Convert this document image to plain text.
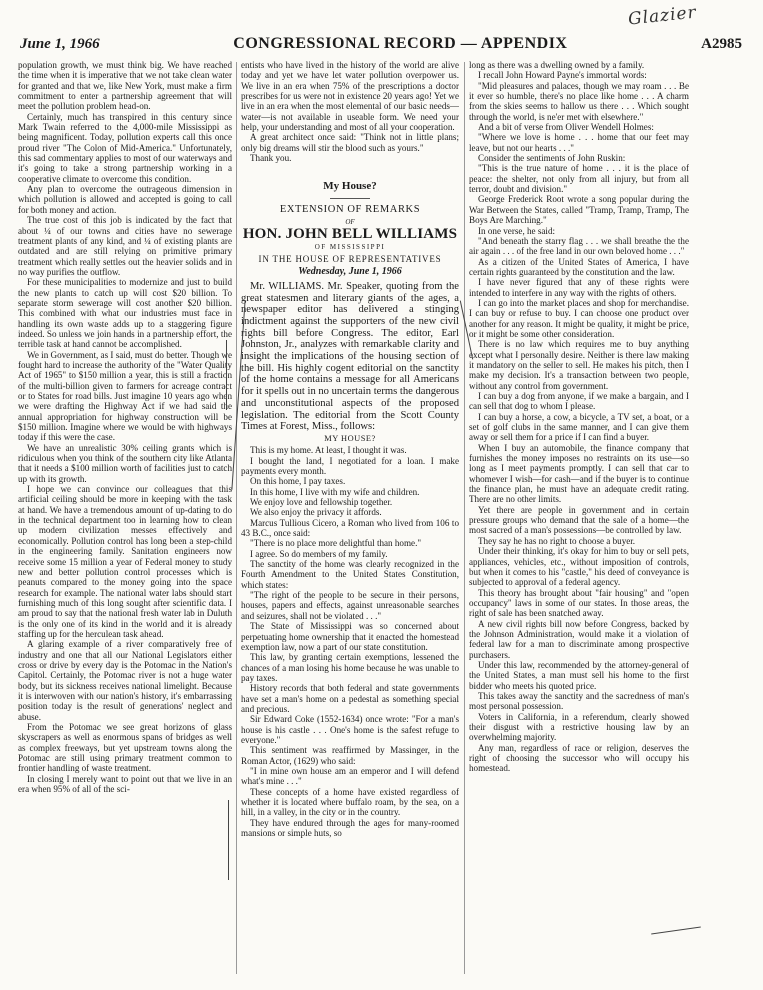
Glazier
June 1, 1966	CONGRESSIONAL RECORD — APPENDIX	A2985

population growth, we must think big. We have reached the time when it is imperative that we not take clean water for granted and that we, like New York, must make a firm commitment to enter a partnership agreement that will meet the pollution problem head-on.

Certainly, much has transpired in this century since Mark Twain referred to the 4,000-mile Mississippi as being magnificent. Today, pollution experts call this once proud river "The Colon of Mid-America." Unfortunately, this sad commentary applies to most of our waterways and it's going to take a strong partnership working in a cooperative climate to overcome this condition.

Any plan to overcome the outrageous dimension in which pollution is allowed and accepted is going to call for both money and action.

The true cost of this job is indicated by the fact that about ¼ of our towns and cities have no sewerage treatment plants of any kind, and ¼ of existing plants are outdated and are still relying on primitive primary treatment which really settles out the heavier solids and in no way purifies the outflow.

For these municipalities to modernize and just to build the new plants to catch up will cost $20 billion. To separate storm sewerage will cost another $20 billion. This combined with what our industries must face in handling its own waste adds up to a staggering figure indeed. So unless we join hands in a partnership effort, the terrible task at hand cannot be accomplished.

We in Government, as I said, must do better. Though we fought hard to increase the authority of the "Water Quality Act of 1965" to $150 million a year, this is still a fraction of the multi-billion given to farmers for acreage contract or to States for road bills. Just imagine 10 years ago when we were drafting the Highway Act if we had said the annual appropriation for highway construction will be $150 million. Imagine where we would be with highways today if this were the case.

We have an unrealistic 30% ceiling grants which is ridiculous when you think of the southern city like Atlanta that it needs a $100 million worth of facilities just to catch up with its growth.

I hope we can convince our colleagues that this artificial ceiling should be more in keeping with the task at hand. We have a tremendous amount of up-dating to do in the technical department too in learning how to clean up modern civilization messes effectively and economically. Pollution control has long been a step-child in the engineering family. Sanitation engineers now receive some 15 million a year of Federal money to study new and better pollution control processes which is peanuts compared to the money going into the space research for example. The national water labs should start furnishing much of this long sought after scientific data. I am proud to say that the national fresh water lab in Duluth is the only one of its kind in the world and it is already staffing up for the herculean task ahead.

A glaring example of a river comparatively free of industry and one that all our National Legislators either cross or drive by every day is the Potomac in the Nation's Capitol. Certainly, the Potomac river is not a huge water body, but its sickness receives national limelight. Because it is interwoven with our nation's history, it's embarrassing position today is the result of generations' neglect and abuse.

From the Potomac we see great horizons of glass skyscrapers as well as enormous spans of bridges as well as complex freeways, but yet upstream towns along the Potomac are still using primary treatment common to frontier handling of waste treatment.

In closing I merely want to point out that we live in an era when 95% of all of the sci-

entists who have lived in the history of the world are alive today and yet we have let water pollution overpower us. We live in an era when 75% of the prescriptions a doctor prescribes for us were not in existence 20 years ago! Yet we live in an era when the most elemental of our basic needs—water—is not available in useable form. We need your help, your understanding and most of all your cooperation.

A great architect once said: "Think not in little plans; only big dreams will stir the blood such as yours."

Thank you.

My House?
EXTENSION OF REMARKS
OF
HON. JOHN BELL WILLIAMS
OF MISSISSIPPI
IN THE HOUSE OF REPRESENTATIVES
Wednesday, June 1, 1966

Mr. WILLIAMS. Mr. Speaker, quoting from the great statesmen and literary giants of the ages, a newspaper editor has delivered a stinging indictment against the supporters of the new civil rights bill before Congress. The editor, Earl Johnston, Jr., analyzes with remarkable clarity and insight the implications of the housing section of the bill. His highly cogent editorial on the sanctity of the home contains a message for all Americans for it spells out in no uncertain terms the dangerous and unconstitutional aspects of the proposed legislation. The editorial from the Scott County Times at Forest, Miss., follows:

MY HOUSE?

This is my home. At least, I thought it was.

I bought the land, I negotiated for a loan. I make payments every month.

On this home, I pay taxes.

In this home, I live with my wife and children.

We enjoy love and fellowship together.

We also enjoy the privacy it affords.

Marcus Tullious Cicero, a Roman who lived from 106 to 43 B.C., once said:

"There is no place more delightful than home."

I agree. So do members of my family.

The sanctity of the home was clearly recognized in the Fourth Amendment to the United States Constitution, which states:

"The right of the people to be secure in their persons, houses, papers and effects, against unreasonable searches and seizures, shall not be violated . . ."

The State of Mississippi was so concerned about perpetuating home ownership that it enacted the homestead exemption law, now a part of our state constitution.

This law, by granting certain exemptions, lessened the chances of a man losing his home because he was unable to pay taxes.

History records that both federal and state governments have set a man's home on a pedestal as something special and precious.

Sir Edward Coke (1552-1634) once wrote: "For a man's house is his castle . . . One's home is the safest refuge to everyone."

This sentiment was reaffirmed by Massinger, in the Roman Actor, (1629) who said:

"I in mine own house am an emperor and I will defend what's mine . . ."

These concepts of a home have existed regardless of whether it is located where buffalo roam, by the sea, on a hill, in a valley, in the city or in the country.

They have endured through the ages for many-roomed mansions or simple huts, so

long as there was a dwelling owned by a family.

I recall John Howard Payne's immortal words:

"Mid pleasures and palaces, though we may roam . . . Be it ever so humble, there's no place like home . . . A charm from the skies seems to hallow us there . . . Which sought through the world, is ne'er met with elsewhere."

And a bit of verse from Oliver Wendell Holmes:

"Where we love is home . . . home that our feet may leave, but not our hearts . . ."

Consider the sentiments of John Ruskin:

"This is the true nature of home . . . it is the place of peace: the shelter, not only from all injury, but from all terror, doubt and division."

George Frederick Root wrote a song popular during the War Between the States, called "Tramp, Tramp, Tramp, The Boys Are Marching."

In one verse, he said:

"And beneath the starry flag . . . we shall breathe the the air again . . . of the free land in our own beloved home . . ."

As a citizen of the United States of America, I have certain rights guaranteed by the constitution and the law.

I have never figured that any of these rights were intended to interfere in any way with the rights of others.

I can go into the market places and shop for merchandise. I can buy or refuse to buy. I can choose one product over another for any reason. It might be quality, it might be price, or it might be some other consideration.

There is no law which requires me to buy anything except what I personally desire. Neither is there law making it mandatory on the seller to sell. He makes his pitch, then I make my decision. It's a transaction between two people, without any control from government.

I can buy a dog from anyone, if we make a bargain, and I can sell that dog to whom I please.

I can buy a horse, a cow, a bicycle, a TV set, a boat, or a set of golf clubs in the same manner, and I can give them away or sell them for a price if I can find a buyer.

When I buy an automobile, the finance company that furnishes the money imposes no restraints on its use—so long as I meet payments promptly. I can sell that car to whomever I wish—for cash—and if the buyer is to continue the finance plan, he must have an adequate credit rating. There are no other limits.

Yet there are people in government and in certain pressure groups who demand that the sale of a home—the most sacred of a man's possessions—be controlled by law.

They say he has no right to choose a buyer.

Under their thinking, it's okay for him to buy or sell pets, appliances, vehicles, etc., without imposition of controls, but when it comes to his "castle," his deed of conveyance is subjected to approval of a federal agency.

This theory has brought about "fair housing" and "open occupancy" laws in some of our states. In those areas, the right of sale has been snatched away.

A new civil rights bill now before Congress, backed by the Johnson Administration, would make it a violation of federal law for a man to discriminate among prospective purchasers.

Under this law, recommended by the attorney-general of the United States, a man must sell his home to the first bidder who meets his quoted price.

This takes away the sanctity and the sacredness of man's most personal possession.

Voters in California, in a referendum, clearly showed their disgust with a restrictive housing law by an overwhelming majority.

Any man, regardless of race or religion, deserves the right of choosing the successor who will occupy his homestead.
